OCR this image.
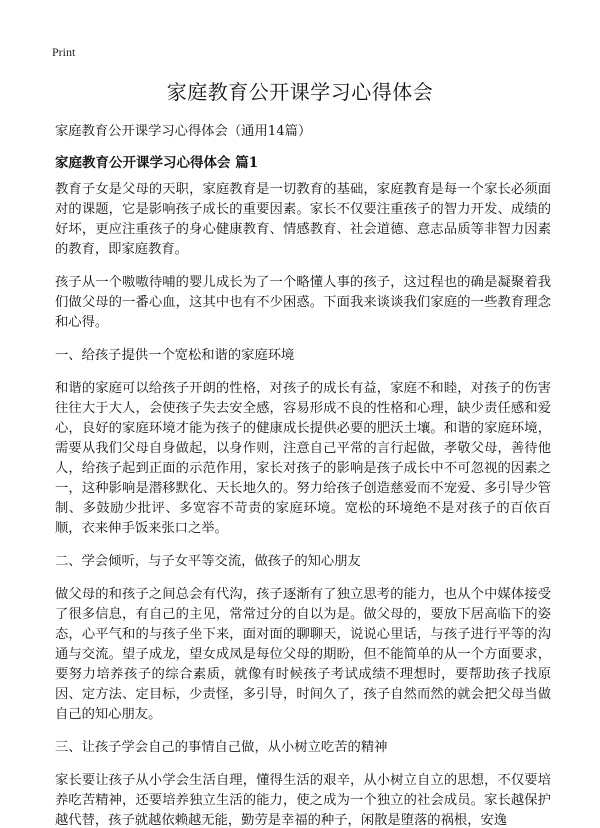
Print
家庭教育公开课学习心得体会

家庭教育公开课学习心得体会（通用14篇）

家庭教育公开课学习心得体会 篇1

教育子女是父母的天职，家庭教育是一切教育的基础，家庭教育是每一个家长必须面对的课题，它是影响孩子成长的重要因素。家长不仅要注重孩子的智力开发、成绩的好坏，更应注重孩子的身心健康教育、情感教育、社会道德、意志品质等非智力因素的教育，即家庭教育。

孩子从一个嗷嗷待哺的婴儿成长为了一个略懂人事的孩子，这过程也的确是凝聚着我们做父母的一番心血，这其中也有不少困惑。下面我来谈谈我们家庭的一些教育理念和心得。

一、给孩子提供一个宽松和谐的家庭环境

和谐的家庭可以给孩子开朗的性格，对孩子的成长有益，家庭不和睦，对孩子的伤害往往大于大人，会使孩子失去安全感，容易形成不良的性格和心理，缺少责任感和爱心，良好的家庭环境才能为孩子的健康成长提供必要的肥沃土壤。和谐的家庭环境，需要从我们父母自身做起，以身作则，注意自己平常的言行起做，孝敬父母，善待他人，给孩子起到正面的示范作用，家长对孩子的影响是孩子成长中不可忽视的因素之一，这种影响是潜移默化、天长地久的。努力给孩子创造慈爱而不宠爱、多引导少管制、多鼓励少批评、多宽容不苛责的家庭环境。宽松的环境绝不是对孩子的百依百顺，衣来伸手饭来张口之举。

二、学会倾听，与子女平等交流，做孩子的知心朋友

做父母的和孩子之间总会有代沟，孩子逐渐有了独立思考的能力，也从个中媒体接受了很多信息，有自己的主见，常常过分的自以为是。做父母的，要放下居高临下的姿态，心平气和的与孩子坐下来，面对面的聊聊天，说说心里话，与孩子进行平等的沟通与交流。望子成龙，望女成凤是每位父母的期盼，但不能简单的从一个方面要求，要努力培养孩子的综合素质，就像有时候孩子考试成绩不理想时，要帮助孩子找原因、定方法、定目标，少责怪，多引导，时间久了，孩子自然而然的就会把父母当做自己的知心朋友。

三、让孩子学会自己的事情自己做，从小树立吃苦的精神

家长要让孩子从小学会生活自理，懂得生活的艰辛，从小树立自立的思想，不仅要培养吃苦精神，还要培养独立生活的能力，使之成为一个独立的社会成员。家长越保护越代替，孩子就越依赖越无能，勤劳是幸福的种子，闲散是堕落的祸根，安逸
